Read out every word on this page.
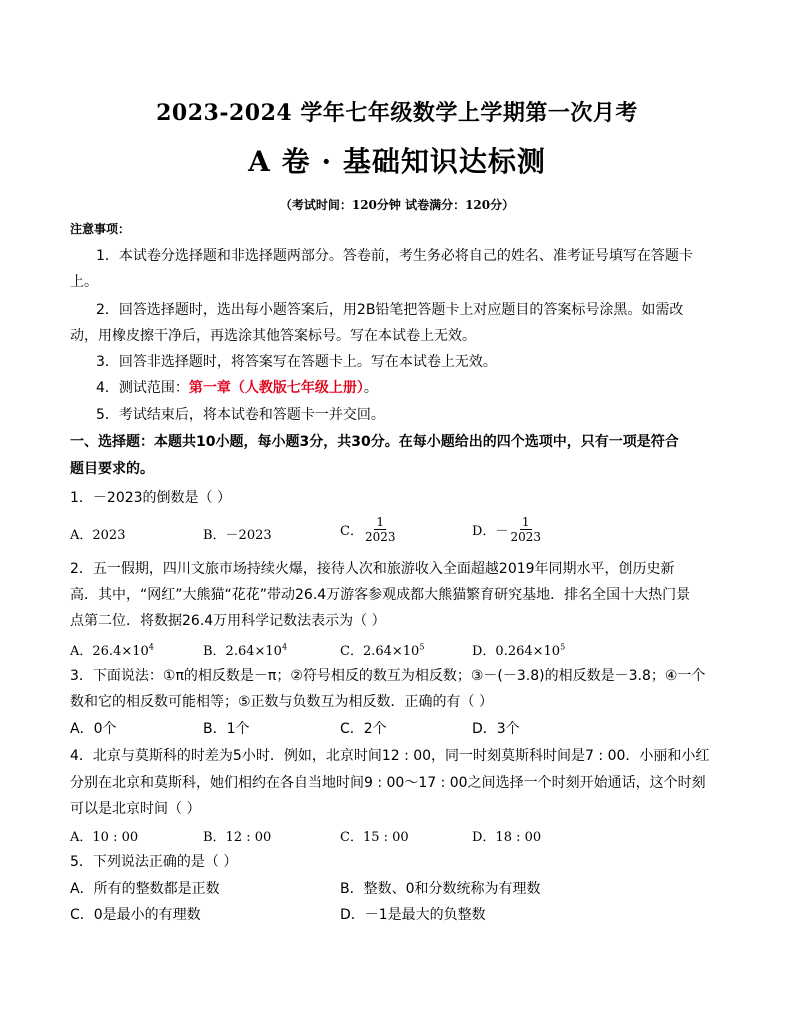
2023-2024 学年七年级数学上学期第一次月考
A 卷 · 基础知识达标测
（考试时间：120分钟 试卷满分：120分）
注意事项：
1．本试卷分选择题和非选择题两部分。答卷前，考生务必将自己的姓名、准考证号填写在答题卡
上。
2．回答选择题时，选出每小题答案后，用2B铅笔把答题卡上对应题目的答案标号涂黑。如需改
动，用橡皮擦干净后，再选涂其他答案标号。写在本试卷上无效。
3．回答非选择题时，将答案写在答题卡上。写在本试卷上无效。
4．测试范围：第一章（人教版七年级上册）。
5．考试结束后，将本试卷和答题卡一并交回。
一、选择题：本题共10小题，每小题3分，共30分。在每小题给出的四个选项中，只有一项是符合
题目要求的。
1．－2023的倒数是（ ）
A．2023	B．－2023	C． $\frac{1}{2023}$	D．－ $\frac{1}{2023}$
2．五一假期，四川文旅市场持续火爆，接待人次和旅游收入全面超越2019年同期水平，创历史新
高．其中，“网红”大熊猫“花花”带动26.4万游客参观成都大熊猫繁育研究基地．排名全国十大热门景
点第二位．将数据26.4万用科学记数法表示为（ ）
A．$26.4\times 10^4$	B．$2.64\times 10^4$	C．$2.64\times 10^5$	D．$0.264\times 10^5$
3．下面说法：①π的相反数是－π；②符号相反的数互为相反数；③－(－3.8)的相反数是－3.8；④一个
数和它的相反数可能相等；⑤正数与负数互为相反数．正确的有（ ）
A．0个	B．1个	C．2个	D．3个
4．北京与莫斯科的时差为5小时．例如，北京时间12 : 00，同一时刻莫斯科时间是7 : 00．小丽和小红
分别在北京和莫斯科，她们相约在各自当地时间9 : 00～17 : 00之间选择一个时刻开始通话，这个时刻
可以是北京时间（ ）
A．10 : 00	B．12 : 00	C．15 : 00	D．18 : 00
5．下列说法正确的是（ ）
A．所有的整数都是正数	B．整数、0和分数统称为有理数
C．0是最小的有理数	D．－1是最大的负整数
